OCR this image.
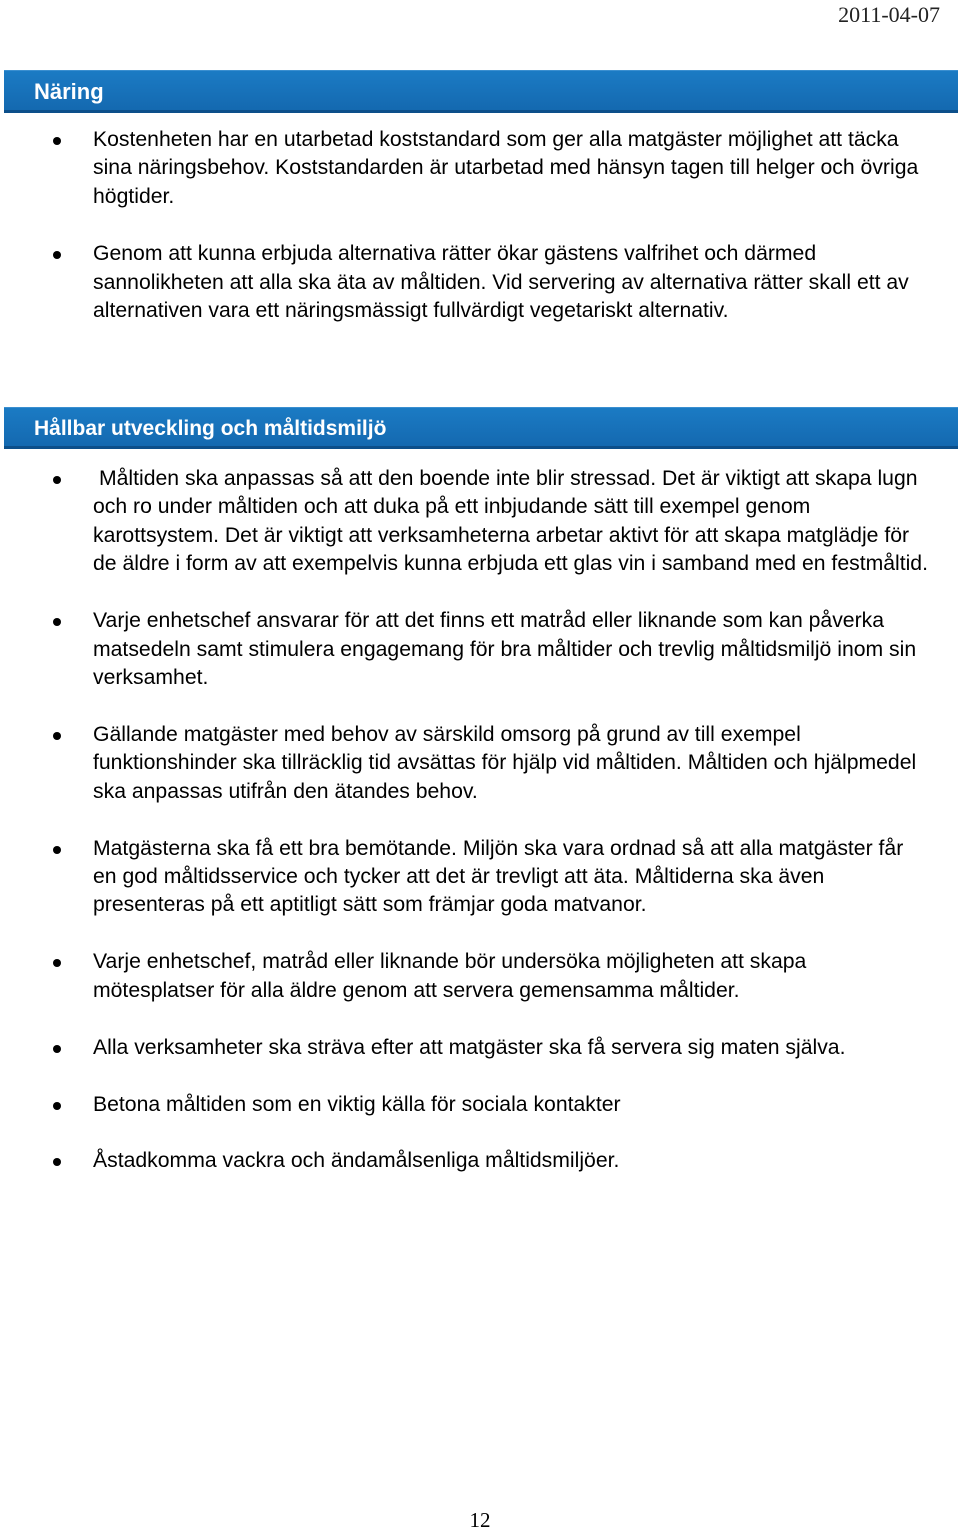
2011-04-07
Näring
Kostenheten har en utarbetad koststandard som ger alla matgäster möjlighet att täcka sina näringsbehov. Koststandarden är utarbetad med hänsyn tagen till helger och övriga högtider.
Genom att kunna erbjuda alternativa rätter ökar gästens valfrihet och därmed sannolikheten att alla ska äta av måltiden. Vid servering av alternativa rätter skall ett av alternativen vara ett näringsmässigt fullvärdigt vegetariskt alternativ.
Hållbar utveckling och måltidsmiljö
Måltiden ska anpassas så att den boende inte blir stressad. Det är viktigt att skapa lugn och ro under måltiden och att duka på ett inbjudande sätt till exempel genom karottsystem. Det är viktigt att verksamheterna arbetar aktivt för att skapa matglädje för de äldre i form av att exempelvis kunna erbjuda ett glas vin i samband med en festmåltid.
Varje enhetschef ansvarar för att det finns ett matråd eller liknande som kan påverka matsedeln samt stimulera engagemang för bra måltider och trevlig måltidsmiljö inom sin verksamhet.
Gällande matgäster med behov av särskild omsorg på grund av till exempel funktionshinder ska tillräcklig tid avsättas för hjälp vid måltiden. Måltiden och hjälpmedel ska anpassas utifrån den ätandes behov.
Matgästerna ska få ett bra bemötande. Miljön ska vara ordnad så att alla matgäster får en god måltidsservice och tycker att det är trevligt att äta. Måltiderna ska även presenteras på ett aptitligt sätt som främjar goda matvanor.
Varje enhetschef, matråd eller liknande bör undersöka möjligheten att skapa mötesplatser för alla äldre genom att servera gemensamma måltider.
Alla verksamheter ska sträva efter att matgäster ska få servera sig maten själva.
Betona måltiden som en viktig källa för sociala kontakter
Åstadkomma vackra och ändamålsenliga måltidsmiljöer.
12
